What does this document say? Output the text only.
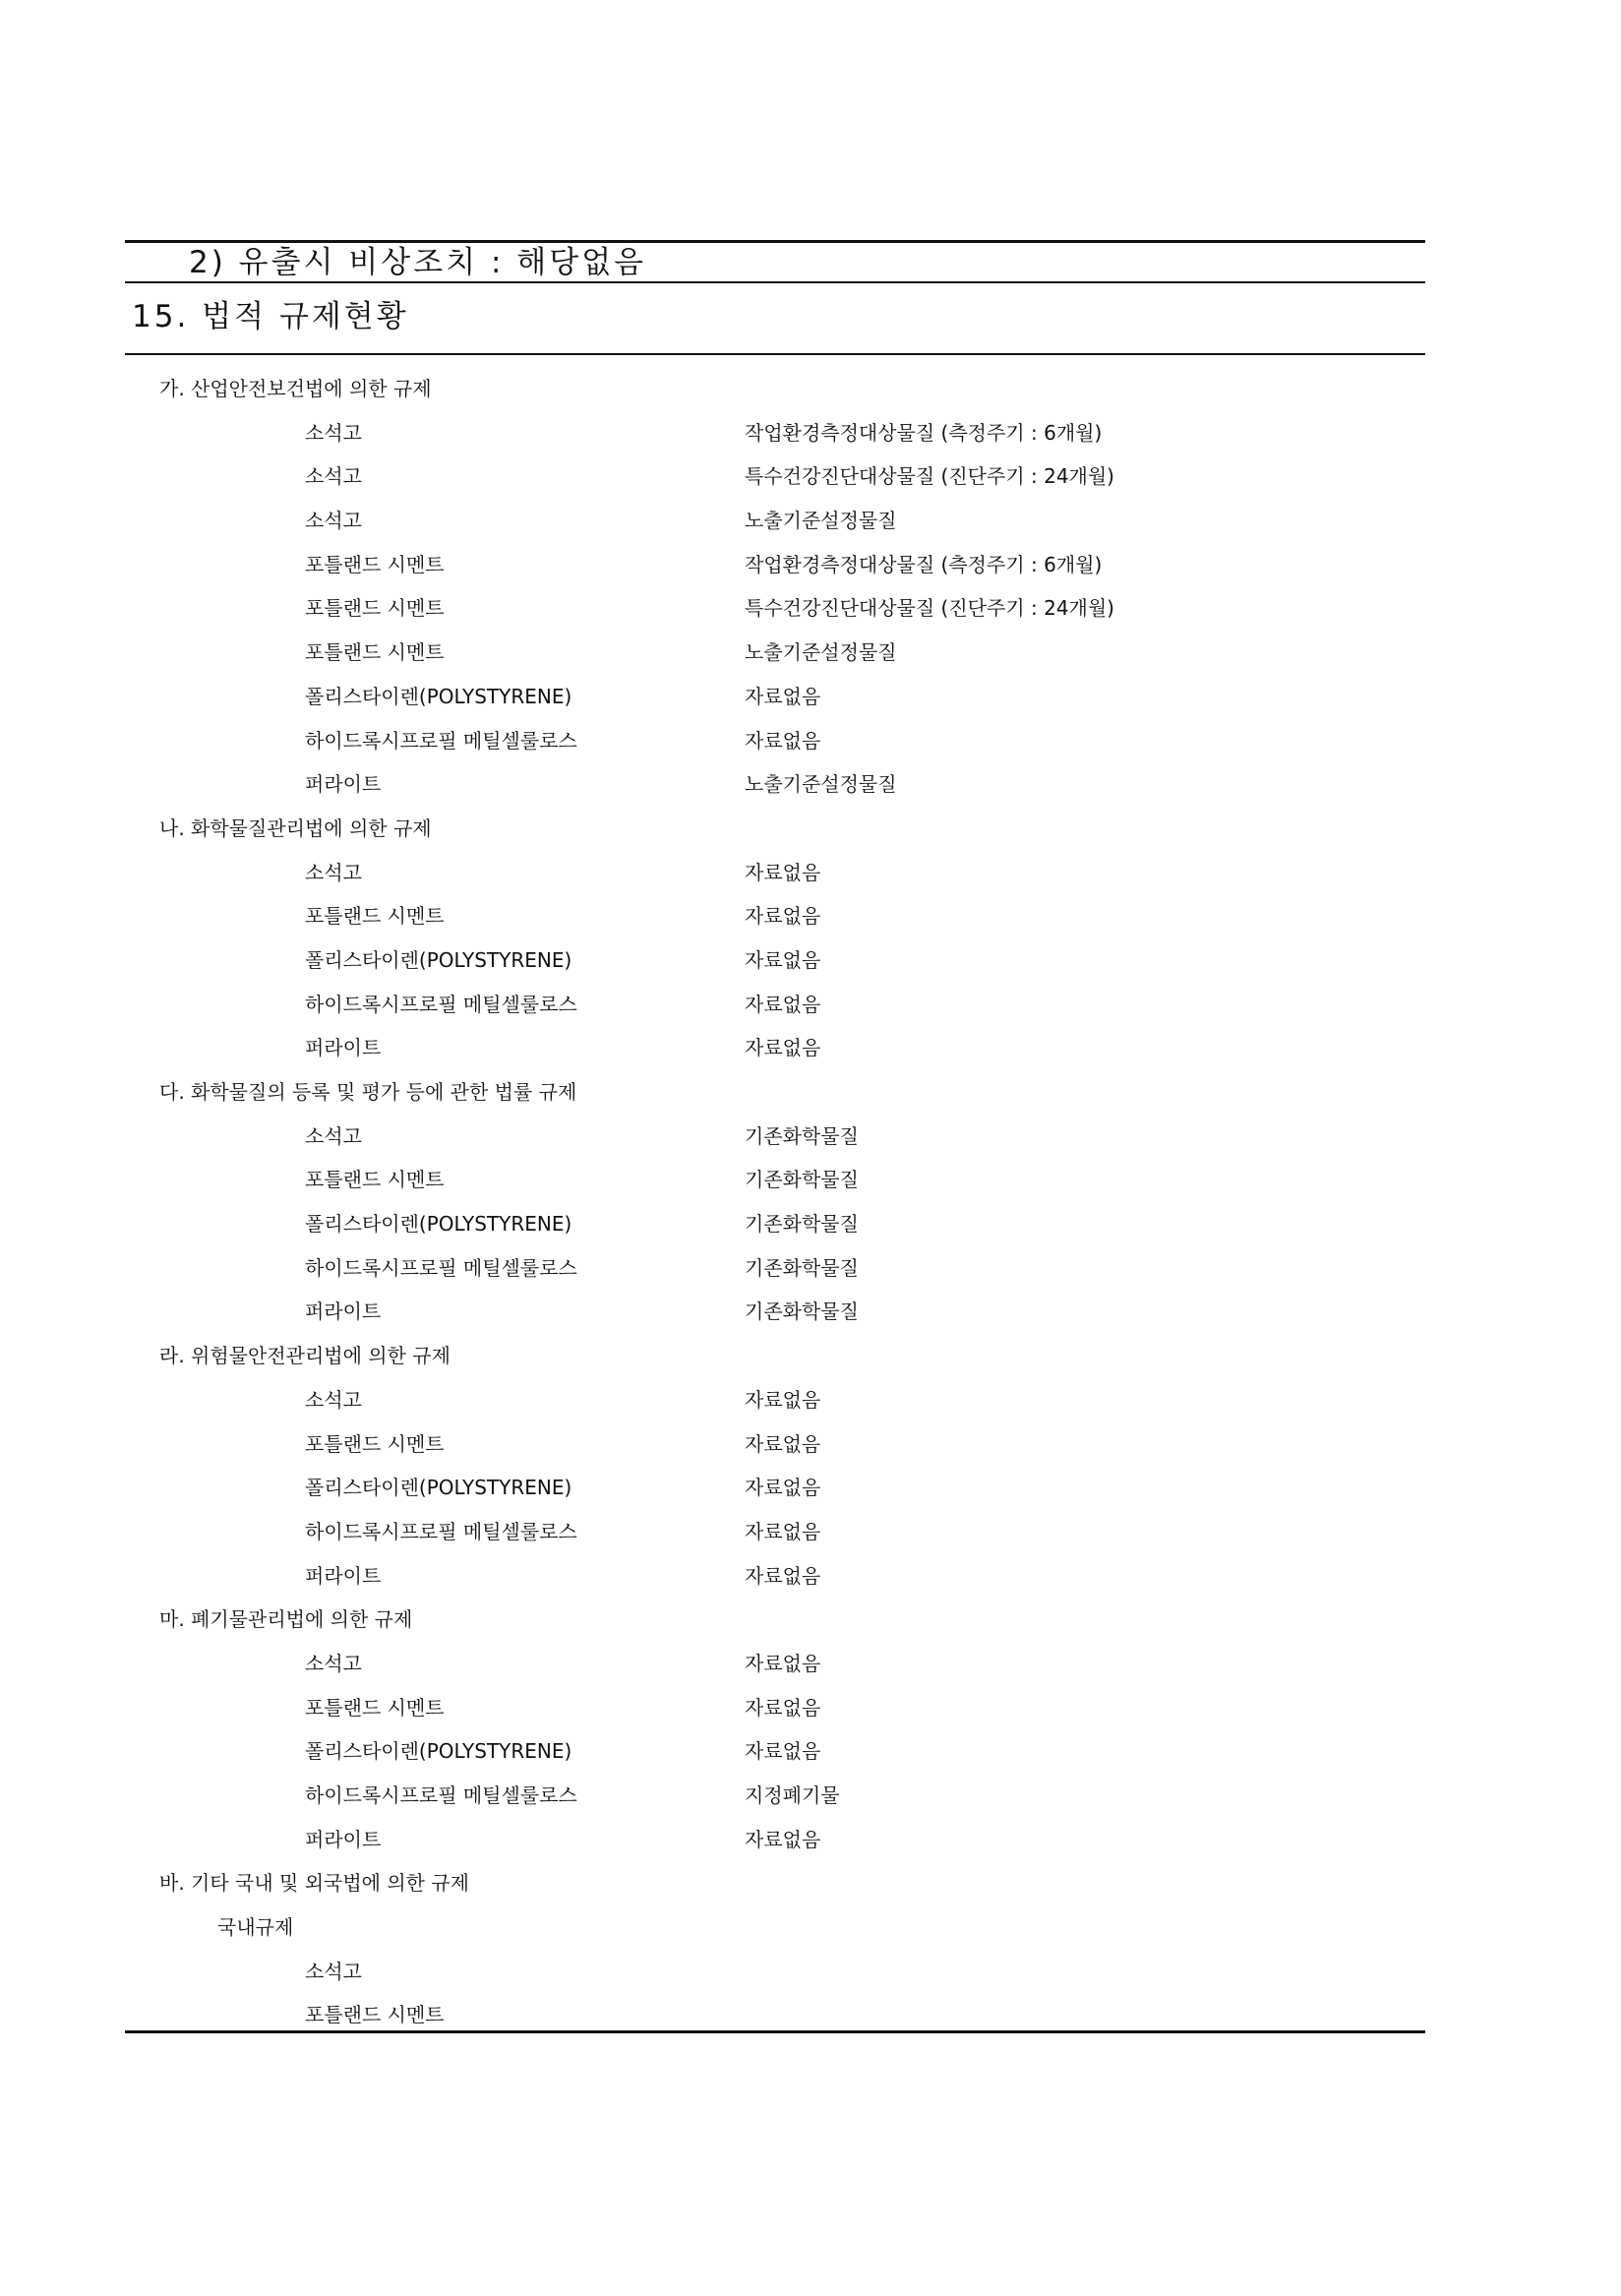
2) 유출시 비상조치 : 해당없음
15. 법적 규제현황
가. 산업안전보건법에 의한 규제
소석고	작업환경측정대상물질 (측정주기 : 6개월)
소석고	특수건강진단대상물질 (진단주기 : 24개월)
소석고	노출기준설정물질
포틀랜드 시멘트	작업환경측정대상물질 (측정주기 : 6개월)
포틀랜드 시멘트	특수건강진단대상물질 (진단주기 : 24개월)
포틀랜드 시멘트	노출기준설정물질
폴리스타이렌(POLYSTYRENE)	자료없음
하이드록시프로필 메틸셀룰로스	자료없음
퍼라이트	노출기준설정물질
나. 화학물질관리법에 의한 규제
소석고	자료없음
포틀랜드 시멘트	자료없음
폴리스타이렌(POLYSTYRENE)	자료없음
하이드록시프로필 메틸셀룰로스	자료없음
퍼라이트	자료없음
다. 화학물질의 등록 및 평가 등에 관한 법률 규제
소석고	기존화학물질
포틀랜드 시멘트	기존화학물질
폴리스타이렌(POLYSTYRENE)	기존화학물질
하이드록시프로필 메틸셀룰로스	기존화학물질
퍼라이트	기존화학물질
라. 위험물안전관리법에 의한 규제
소석고	자료없음
포틀랜드 시멘트	자료없음
폴리스타이렌(POLYSTYRENE)	자료없음
하이드록시프로필 메틸셀룰로스	자료없음
퍼라이트	자료없음
마. 폐기물관리법에 의한 규제
소석고	자료없음
포틀랜드 시멘트	자료없음
폴리스타이렌(POLYSTYRENE)	자료없음
하이드록시프로필 메틸셀룰로스	지정폐기물
퍼라이트	자료없음
바. 기타 국내 및 외국법에 의한 규제
국내규제
소석고
포틀랜드 시멘트
